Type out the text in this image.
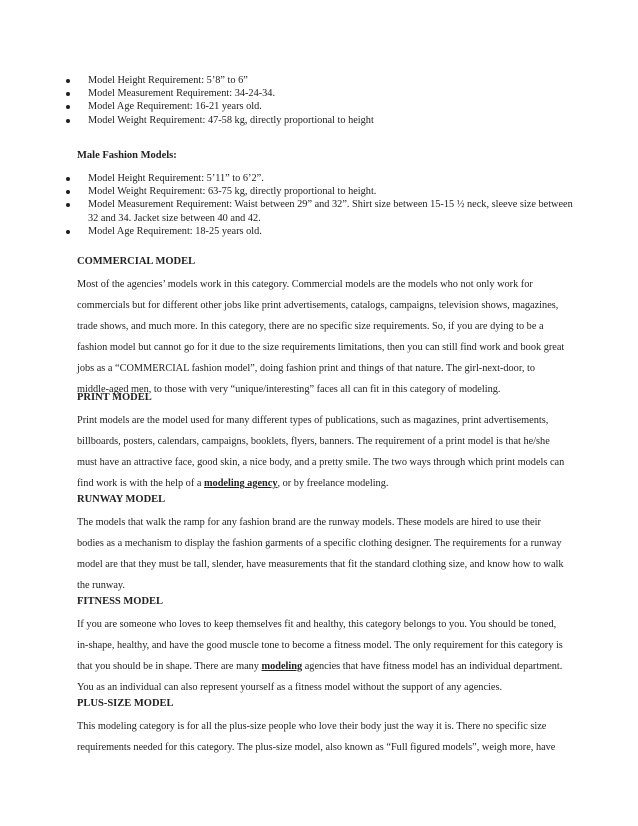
Model Height Requirement: 5’8” to 6”
Model Measurement Requirement: 34-24-34.
Model Age Requirement: 16-21 years old.
Model Weight Requirement: 47-58 kg, directly proportional to height
Male Fashion Models:
Model Height Requirement: 5’11” to 6’2”.
Model Weight Requirement: 63-75 kg, directly proportional to height.
Model Measurement Requirement: Waist between 29” and 32”. Shirt size between 15-15 ½ neck, sleeve size between 32 and 34. Jacket size between 40 and 42.
Model Age Requirement: 18-25 years old.
COMMERCIAL MODEL

Most of the agencies’ models work in this category. Commercial models are the models who not only work for commercials but for different other jobs like print advertisements, catalogs, campaigns, television shows, magazines, trade shows, and much more. In this category, there are no specific size requirements. So, if you are dying to be a fashion model but cannot go for it due to the size requirements limitations, then you can still find work and book great jobs as a “COMMERCIAL fashion model”, doing fashion print and things of that nature. The girl-next-door, to middle-aged men, to those with very “unique/interesting” faces all can fit in this category of modeling.

PRINT MODEL

Print models are the model used for many different types of publications, such as magazines, print advertisements, billboards, posters, calendars, campaigns, booklets, flyers, banners. The requirement of a print model is that he/she must have an attractive face, good skin, a nice body, and a pretty smile. The two ways through which print models can find work is with the help of a modeling agency, or by freelance modeling.

RUNWAY MODEL

The models that walk the ramp for any fashion brand are the runway models. These models are hired to use their bodies as a mechanism to display the fashion garments of a specific clothing designer. The requirements for a runway model are that they must be tall, slender, have measurements that fit the standard clothing size, and know how to walk the runway.

FITNESS MODEL

If you are someone who loves to keep themselves fit and healthy, this category belongs to you. You should be toned, in-shape, healthy, and have the good muscle tone to become a fitness model. The only requirement for this category is that you should be in shape. There are many modeling agencies that have fitness model has an individual department. You as an individual can also represent yourself as a fitness model without the support of any agencies.

PLUS-SIZE MODEL

This modeling category is for all the plus-size people who love their body just the way it is. There no specific size requirements needed for this category. The plus-size model, also known as “Full figured models”, weigh more, have
